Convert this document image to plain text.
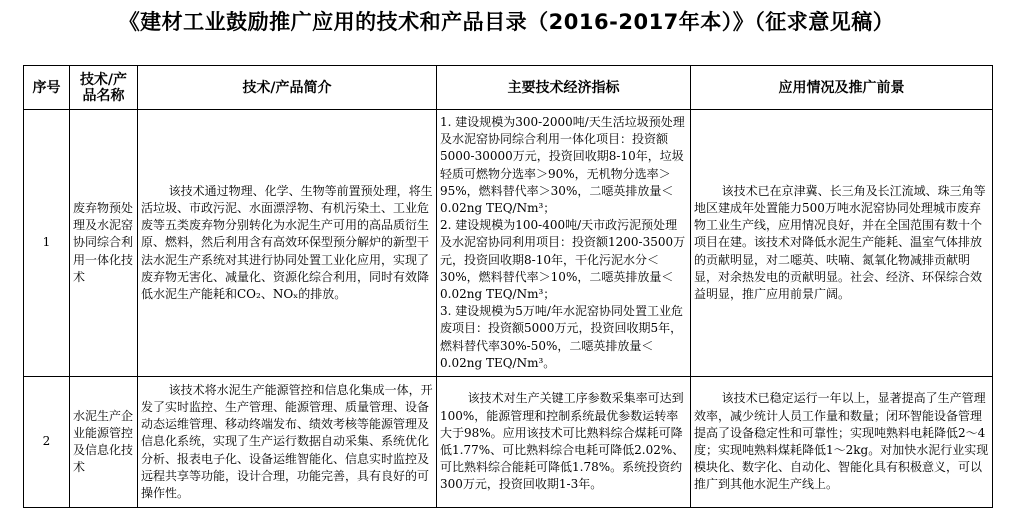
《建材工业鼓励推广应用的技术和产品目录（2016-2017年本）》（征求意见稿）
序号	技术/产品名称	技术/产品简介	主要技术经济指标	应用情况及推广前景
1	废弃物预处理及水泥窑协同综合利用一体化技术	该技术通过物理、化学、生物等前置预处理，将生活垃圾、市政污泥、水面漂浮物、有机污染土、工业危废等五类废弃物分别转化为水泥生产可用的高品质衍生原、燃料，然后利用含有高效环保型预分解炉的新型干法水泥生产系统对其进行协同处置工业化应用，实现了废弃物无害化、减量化、资源化综合利用，同时有效降低水泥生产能耗和CO₂、NOₓ的排放。	1. 建设规模为300-2000吨/天生活垃圾预处理及水泥窑协同综合利用一体化项目：投资额5000-30000万元，投资回收期8-10年，垃圾轻质可燃物分选率＞90%，无机物分选率＞95%，燃料替代率＞30%，二噁英排放量＜0.02ng TEQ/Nm³；
2. 建设规模为100-400吨/天市政污泥预处理及水泥窑协同利用项目：投资额1200-3500万元，投资回收期8-10年，干化污泥水分＜30%，燃料替代率＞10%，二噁英排放量＜0.02ng TEQ/Nm³；
3. 建设规模为5万吨/年水泥窑协同处置工业危废项目：投资额5000万元，投资回收期5年，燃料替代率30%-50%，二噁英排放量＜0.02ng TEQ/Nm³。	该技术已在京津冀、长三角及长江流域、珠三角等地区建成年处置能力500万吨水泥窑协同处理城市废弃物工业生产线，应用情况良好，并在全国范围有数十个项目在建。该技术对降低水泥生产能耗、温室气体排放的贡献明显，对二噁英、呋喃、氮氧化物减排贡献明显，对余热发电的贡献明显。社会、经济、环保综合效益明显，推广应用前景广阔。

2	水泥生产企业能源管控及信息化技术	该技术将水泥生产能源管控和信息化集成一体，开发了实时监控、生产管理、能源管理、质量管理、设备动态运维管理、移动终端发布、绩效考核等能源管理及信息化系统，实现了生产运行数据自动采集、系统优化分析、报表电子化、设备运维智能化、信息实时监控及远程共享等功能，设计合理，功能完善，具有良好的可操作性。	该技术对生产关键工序参数采集率可达到100%，能源管理和控制系统最优参数运转率大于98%。应用该技术可比熟料综合煤耗可降低1.77%、可比熟料综合电耗可降低2.02%、可比熟料综合能耗可降低1.78%。系统投资约300万元，投资回收期1-3年。	该技术已稳定运行一年以上，显著提高了生产管理效率，减少统计人员工作量和数量；闭环智能设备管理提高了设备稳定性和可靠性；实现吨熟料电耗降低2～4度；实现吨熟料煤耗降低1～2kg。对加快水泥行业实现模块化、数字化、自动化、智能化具有积极意义，可以推广到其他水泥生产线上。
